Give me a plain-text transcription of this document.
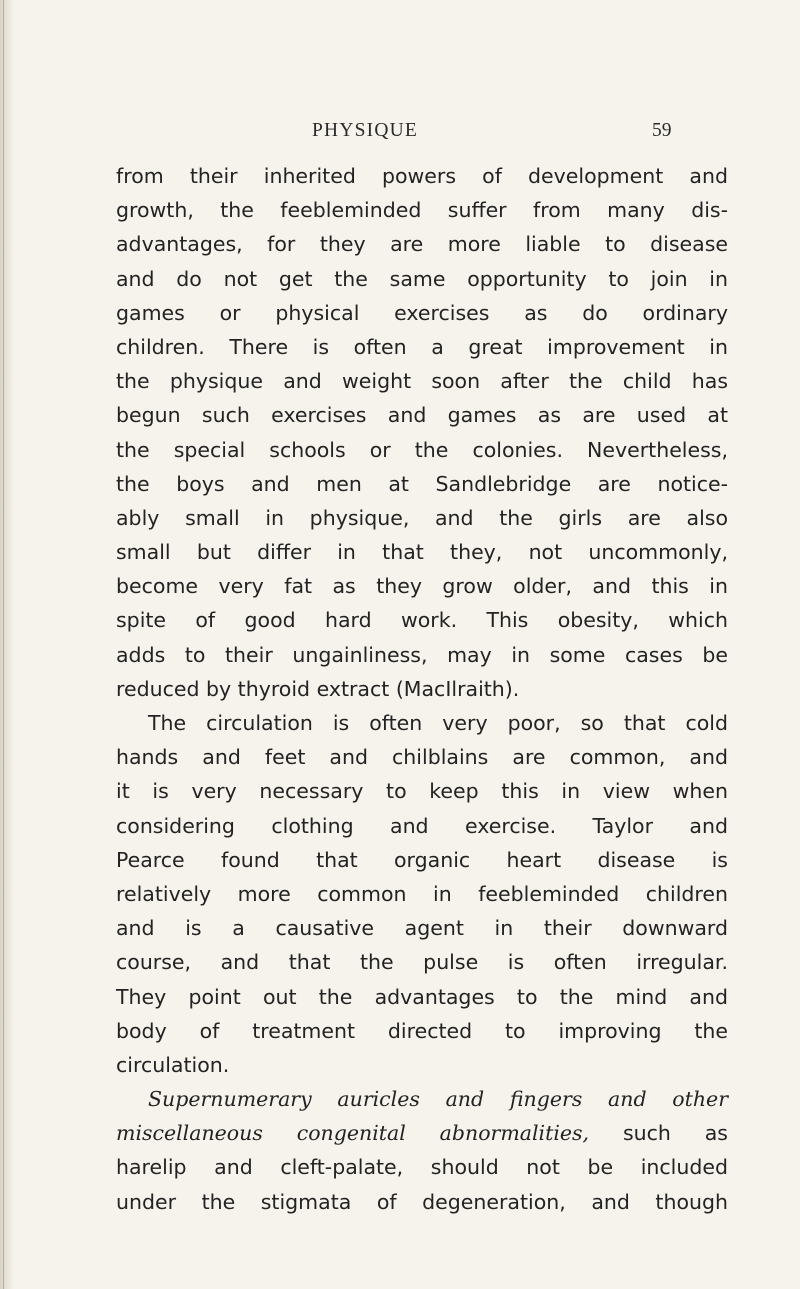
PHYSIQUE	59
from their inherited powers of development and
growth, the feebleminded suffer from many dis-
advantages, for they are more liable to disease
and do not get the same opportunity to join in
games or physical exercises as do ordinary
children. There is often a great improvement in
the physique and weight soon after the child has
begun such exercises and games as are used at
the special schools or the colonies. Nevertheless,
the boys and men at Sandlebridge are notice-
ably small in physique, and the girls are also
small but differ in that they, not uncommonly,
become very fat as they grow older, and this in
spite of good hard work. This obesity, which
adds to their ungainliness, may in some cases be
reduced by thyroid extract (MacIlraith).
The circulation is often very poor, so that cold
hands and feet and chilblains are common, and
it is very necessary to keep this in view when
considering clothing and exercise. Taylor and
Pearce found that organic heart disease is
relatively more common in feebleminded children
and is a causative agent in their downward
course, and that the pulse is often irregular.
They point out the advantages to the mind and
body of treatment directed to improving the
circulation.
Supernumerary auricles and fingers and other
miscellaneous congenital abnormalities, such as
harelip and cleft-palate, should not be included
under the stigmata of degeneration, and though
